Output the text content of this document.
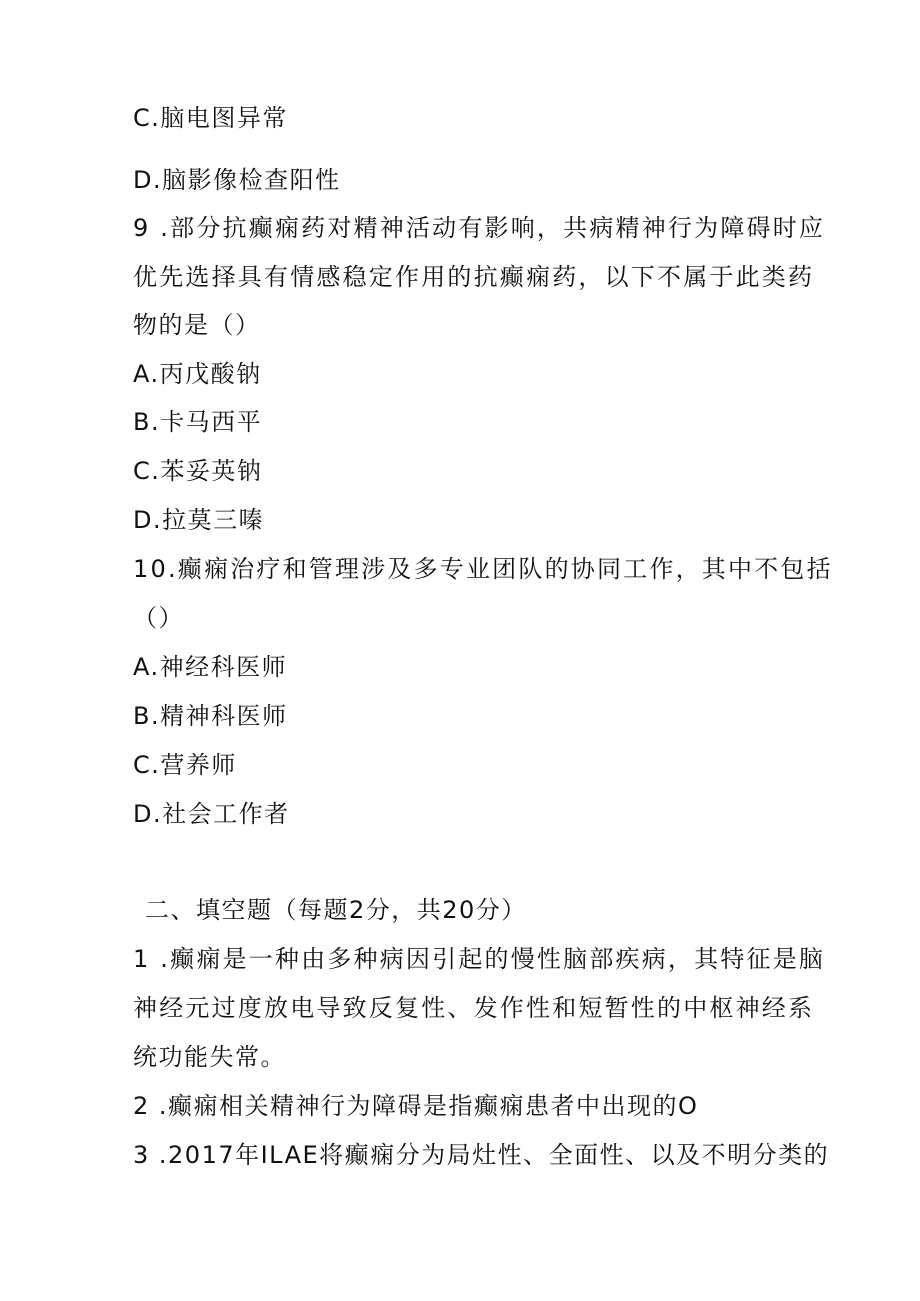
C.脑电图异常
D.脑影像检查阳性
9 .部分抗癫痫药对精神活动有影响，共病精神行为障碍时应
优先选择具有情感稳定作用的抗癫痫药，以下不属于此类药
物的是（）
A.丙戊酸钠
B.卡马西平
C.苯妥英钠
D.拉莫三嗪
10.癫痫治疗和管理涉及多专业团队的协同工作，其中不包括
（）
A.神经科医师
B.精神科医师
C.营养师
D.社会工作者
二、填空题（每题2分，共20分）
1 .癫痫是一种由多种病因引起的慢性脑部疾病，其特征是脑
神经元过度放电导致反复性、发作性和短暂性的中枢神经系
统功能失常。
2 .癫痫相关精神行为障碍是指癫痫患者中出现的O
3 .2017年ILAE将癫痫分为局灶性、全面性、以及不明分类的
